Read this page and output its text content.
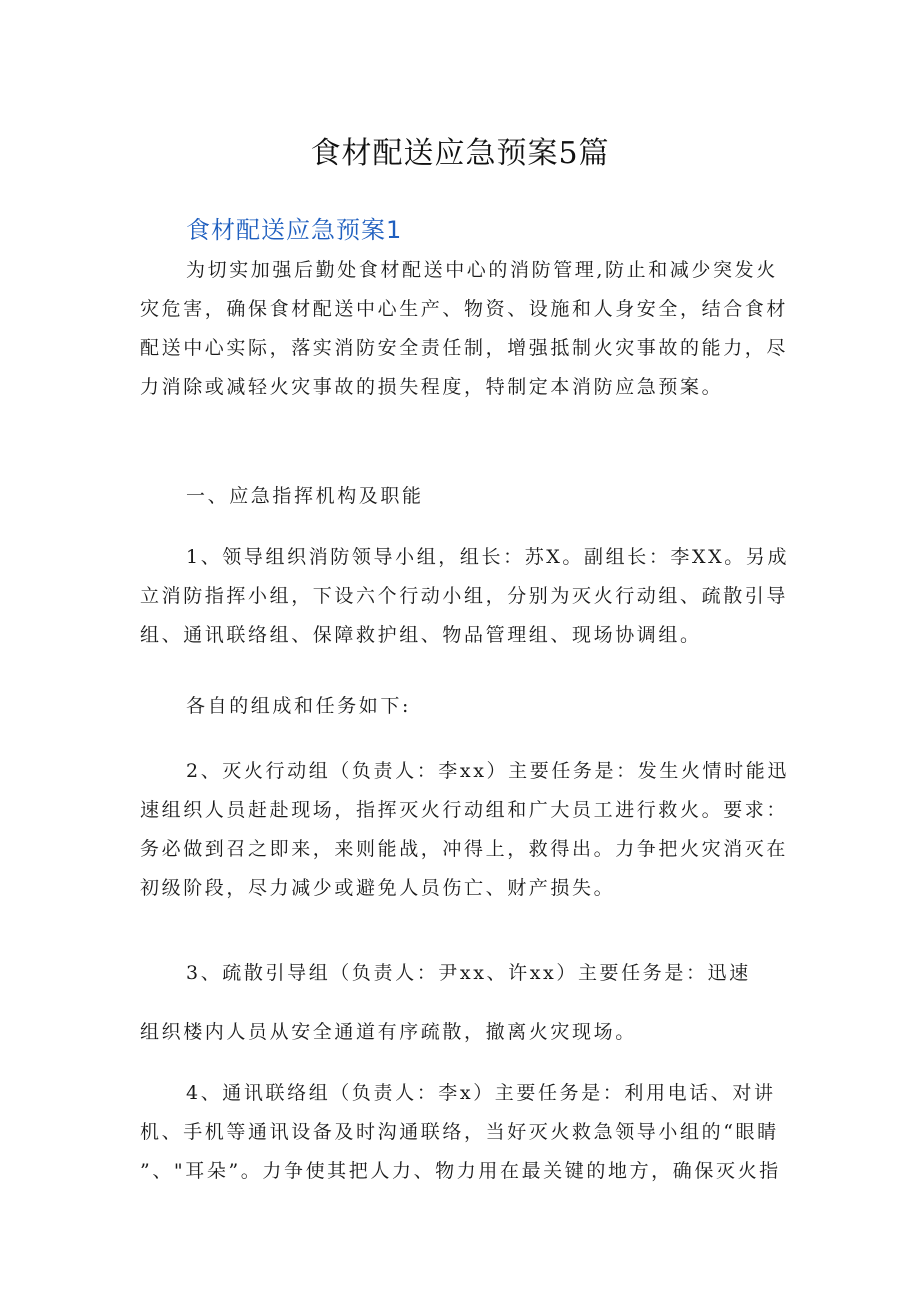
食材配送应急预案5篇
食材配送应急预案1
为切实加强后勤处食材配送中心的消防管理,防止和减少突发火
灾危害，确保食材配送中心生产、物资、设施和人身安全，结合食材
配送中心实际，落实消防安全责任制，增强抵制火灾事故的能力，尽
力消除或减轻火灾事故的损失程度，特制定本消防应急预案。
一、应急指挥机构及职能
1、领导组织消防领导小组，组长：苏X。副组长：李XX。另成
立消防指挥小组，下设六个行动小组，分别为灭火行动组、疏散引导
组、通讯联络组、保障救护组、物品管理组、现场协调组。
各自的组成和任务如下:
2、灭火行动组（负责人：李xx）主要任务是：发生火情时能迅
速组织人员赶赴现场，指挥灭火行动组和广大员工进行救火。要求：
务必做到召之即来，来则能战，冲得上，救得出。力争把火灾消灭在
初级阶段，尽力减少或避免人员伤亡、财产损失。
3、疏散引导组（负责人：尹xx、许xx）主要任务是：迅速
组织楼内人员从安全通道有序疏散，撤离火灾现场。
4、通讯联络组（负责人：李x）主要任务是：利用电话、对讲
机、手机等通讯设备及时沟通联络，当好灭火救急领导小组的“眼睛
”、"耳朵”。力争使其把人力、物力用在最关键的地方，确保灭火指
